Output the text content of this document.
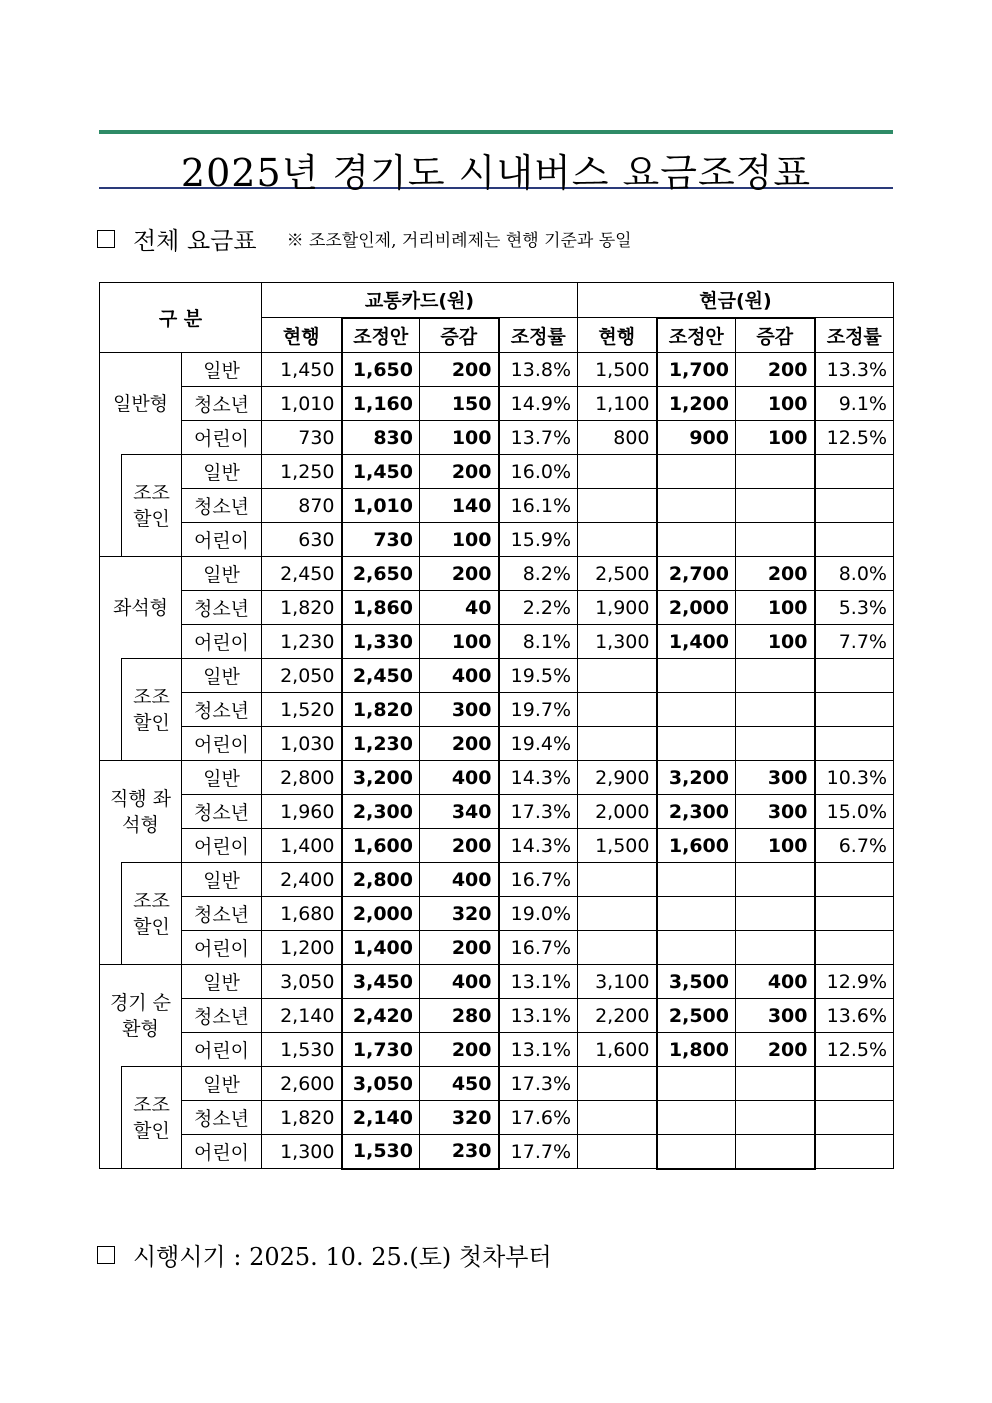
2025년 경기도 시내버스 요금조정표
전체 요금표 ※ 조조할인제, 거리비례제는 현행 기준과 동일
구 분			교통카드(원)				현금(원)			
			현행	조정안	증감	조정률	현행	조정안	증감	조정률
일반형		일반	1,450	1,650	200	13.8%	1,500	1,700	200	13.3%
		청소년	1,010	1,160	150	14.9%	1,100	1,200	100	9.1%
		어린이	730	830	100	13.7%	800	900	100	12.5%
	조조 할인	일반	1,250	1,450	200	16.0%				
		청소년	870	1,010	140	16.1%				
		어린이	630	730	100	15.9%				
좌석형		일반	2,450	2,650	200	8.2%	2,500	2,700	200	8.0%
		청소년	1,820	1,860	40	2.2%	1,900	2,000	100	5.3%
		어린이	1,230	1,330	100	8.1%	1,300	1,400	100	7.7%
	조조 할인	일반	2,050	2,450	400	19.5%				
		청소년	1,520	1,820	300	19.7%				
		어린이	1,030	1,230	200	19.4%				
직행 좌석형		일반	2,800	3,200	400	14.3%	2,900	3,200	300	10.3%
		청소년	1,960	2,300	340	17.3%	2,000	2,300	300	15.0%
		어린이	1,400	1,600	200	14.3%	1,500	1,600	100	6.7%
	조조 할인	일반	2,400	2,800	400	16.7%				
		청소년	1,680	2,000	320	19.0%				
		어린이	1,200	1,400	200	16.7%				
경기 순환형		일반	3,050	3,450	400	13.1%	3,100	3,500	400	12.9%
		청소년	2,140	2,420	280	13.1%	2,200	2,500	300	13.6%
		어린이	1,530	1,730	200	13.1%	1,600	1,800	200	12.5%
	조조 할인	일반	2,600	3,050	450	17.3%				
		청소년	1,820	2,140	320	17.6%				
		어린이	1,300	1,530	230	17.7%				
시행시기 : 2025. 10. 25.(토) 첫차부터
